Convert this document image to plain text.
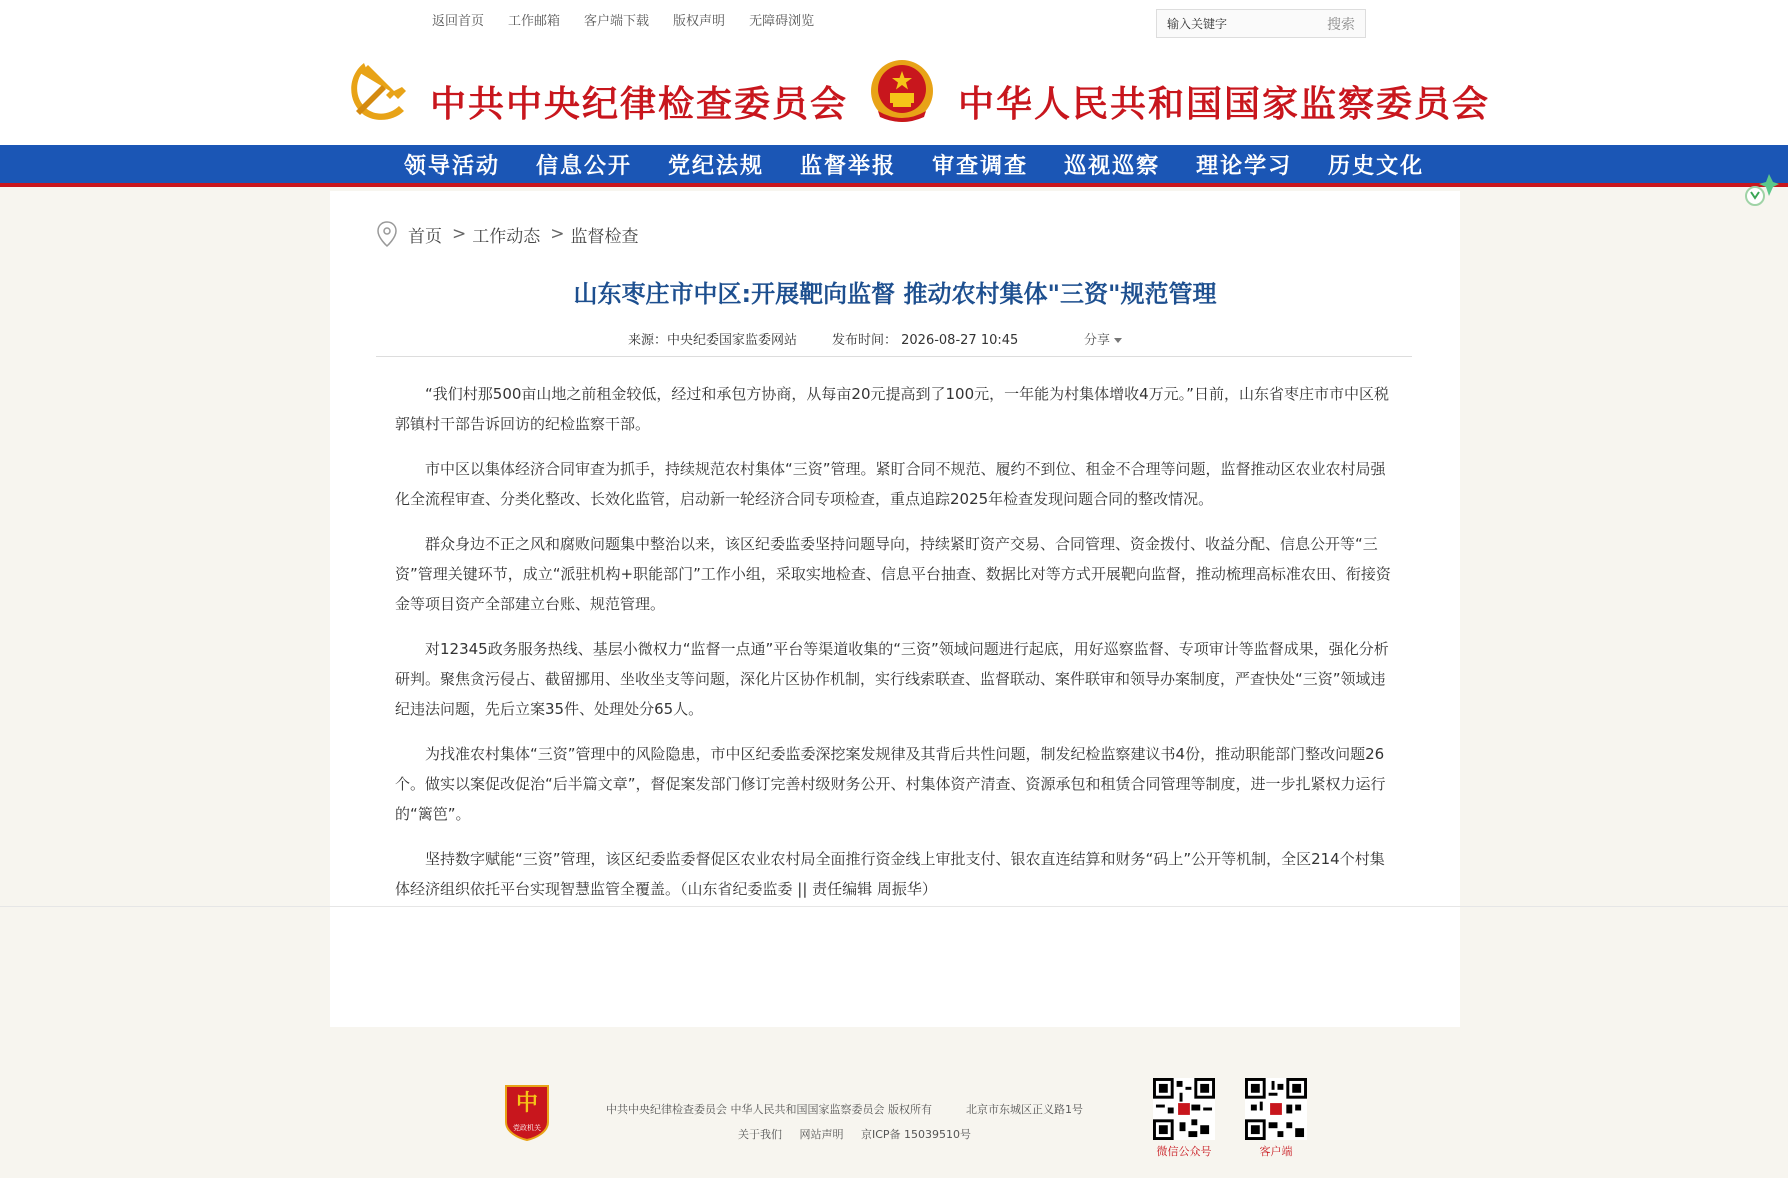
返回首页 工作邮箱 客户端下载 版权声明 无障碍浏览	输入关键字	搜索
中共中央纪律检查委员会	中华人民共和国国家监察委员会
领导活动 信息公开 党纪法规 监督举报 审查调查 巡视巡察 理论学习 历史文化
首页 > 工作动态 > 监督检查
山东枣庄市中区:开展靶向监督 推动农村集体"三资"规范管理
来源：中央纪委国家监委网站	发布时间： 2026-08-27 10:45	分享

“我们村那500亩山地之前租金较低，经过和承包方协商，从每亩20元提高到了100元，一年能为村集体增收4万元。”日前，山东省枣庄市市中区税郭镇村干部告诉回访的纪检监察干部。

市中区以集体经济合同审查为抓手，持续规范农村集体“三资”管理。紧盯合同不规范、履约不到位、租金不合理等问题，监督推动区农业农村局强化全流程审查、分类化整改、长效化监管，启动新一轮经济合同专项检查，重点追踪2025年检查发现问题合同的整改情况。

群众身边不正之风和腐败问题集中整治以来，该区纪委监委坚持问题导向，持续紧盯资产交易、合同管理、资金拨付、收益分配、信息公开等“三资”管理关键环节，成立“派驻机构+职能部门”工作小组，采取实地检查、信息平台抽查、数据比对等方式开展靶向监督，推动梳理高标准农田、衔接资金等项目资产全部建立台账、规范管理。

对12345政务服务热线、基层小微权力“监督一点通”平台等渠道收集的“三资”领域问题进行起底，用好巡察监督、专项审计等监督成果，强化分析研判。聚焦贪污侵占、截留挪用、坐收坐支等问题，深化片区协作机制，实行线索联查、监督联动、案件联审和领导办案制度，严查快处“三资”领域违纪违法问题，先后立案35件、处理处分65人。

为找准农村集体“三资”管理中的风险隐患，市中区纪委监委深挖案发规律及其背后共性问题，制发纪检监察建议书4份，推动职能部门整改问题26个。做实以案促改促治“后半篇文章”，督促案发部门修订完善村级财务公开、村集体资产清查、资源承包和租赁合同管理等制度，进一步扎紧权力运行的“篱笆”。

坚持数字赋能“三资”管理，该区纪委监委督促区农业农村局全面推行资金线上审批支付、银农直连结算和财务“码上”公开等机制，全区214个村集体经济组织依托平台实现智慧监管全覆盖。（山东省纪委监委 || 责任编辑 周振华）

中
党政机关
中共中央纪律检查委员会 中华人民共和国国家监察委员会 版权所有	北京市东城区正义路1号
关于我们 网站声明 京ICP备 15039510号
微信公众号	客户端
